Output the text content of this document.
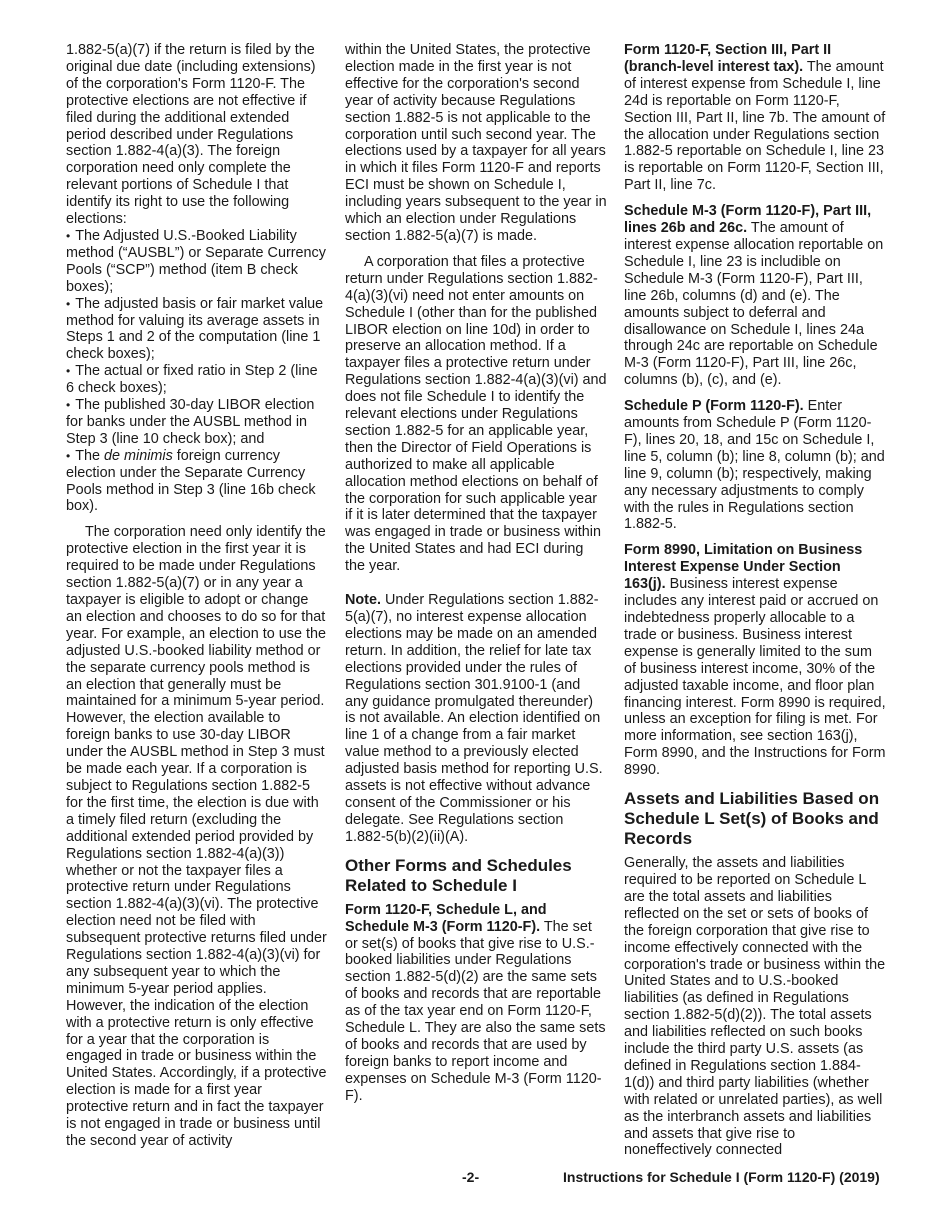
1.882-5(a)(7) if the return is filed by the original due date (including extensions) of the corporation's Form 1120-F. The protective elections are not effective if filed during the additional extended period described under Regulations section 1.882-4(a)(3). The foreign corporation need only complete the relevant portions of Schedule I that identify its right to use the following elections:

• The Adjusted U.S.-Booked Liability method (“AUSBL”) or Separate Currency Pools (“SCP”) method (item B check boxes);

• The adjusted basis or fair market value method for valuing its average assets in Steps 1 and 2 of the computation (line 1 check boxes);

• The actual or fixed ratio in Step 2 (line 6 check boxes);

• The published 30-day LIBOR election for banks under the AUSBL method in Step 3 (line 10 check box); and

• The de minimis foreign currency election under the Separate Currency Pools method in Step 3 (line 16b check box).

The corporation need only identify the protective election in the first year it is required to be made under Regulations section 1.882-5(a)(7) or in any year a taxpayer is eligible to adopt or change an election and chooses to do so for that year. For example, an election to use the adjusted U.S.-booked liability method or the separate currency pools method is an election that generally must be maintained for a minimum 5-year period. However, the election available to foreign banks to use 30-day LIBOR under the AUSBL method in Step 3 must be made each year. If a corporation is subject to Regulations section 1.882-5 for the first time, the election is due with a timely filed return (excluding the additional extended period provided by Regulations section 1.882-4(a)(3)) whether or not the taxpayer files a protective return under Regulations section 1.882-4(a)(3)(vi). The protective election need not be filed with subsequent protective returns filed under Regulations section 1.882-4(a)(3)(vi) for any subsequent year to which the minimum 5-year period applies. However, the indication of the election with a protective return is only effective for a year that the corporation is engaged in trade or business within the United States. Accordingly, if a protective election is made for a first year protective return and in fact the taxpayer is not engaged in trade or business until the second year of activity

within the United States, the protective election made in the first year is not effective for the corporation's second year of activity because Regulations section 1.882-5 is not applicable to the corporation until such second year. The elections used by a taxpayer for all years in which it files Form 1120-F and reports ECI must be shown on Schedule I, including years subsequent to the year in which an election under Regulations section 1.882-5(a)(7) is made.

A corporation that files a protective return under Regulations section 1.882-4(a)(3)(vi) need not enter amounts on Schedule I (other than for the published LIBOR election on line 10d) in order to preserve an allocation method. If a taxpayer files a protective return under Regulations section 1.882-4(a)(3)(vi) and does not file Schedule I to identify the relevant elections under Regulations section 1.882-5 for an applicable year, then the Director of Field Operations is authorized to make all applicable allocation method elections on behalf of the corporation for such applicable year if it is later determined that the taxpayer was engaged in trade or business within the United States and had ECI during the year.

Note. Under Regulations section 1.882-5(a)(7), no interest expense allocation elections may be made on an amended return. In addition, the relief for late tax elections provided under the rules of Regulations section 301.9100-1 (and any guidance promulgated thereunder) is not available. An election identified on line 1 of a change from a fair market value method to a previously elected adjusted basis method for reporting U.S. assets is not effective without advance consent of the Commissioner or his delegate. See Regulations section 1.882-5(b)(2)(ii)(A).

Other Forms and Schedules Related to Schedule I

Form 1120-F, Schedule L, and Schedule M-3 (Form 1120-F). The set or set(s) of books that give rise to U.S.-booked liabilities under Regulations section 1.882-5(d)(2) are the same sets of books and records that are reportable as of the tax year end on Form 1120-F, Schedule L. They are also the same sets of books and records that are used by foreign banks to report income and expenses on Schedule M-3 (Form 1120-F).

Form 1120-F, Section III, Part II (branch-level interest tax). The amount of interest expense from Schedule I, line 24d is reportable on Form 1120-F, Section III, Part II, line 7b. The amount of the allocation under Regulations section 1.882-5 reportable on Schedule I, line 23 is reportable on Form 1120-F, Section III, Part II, line 7c.

Schedule M-3 (Form 1120-F), Part III, lines 26b and 26c. The amount of interest expense allocation reportable on Schedule I, line 23 is includible on Schedule M-3 (Form 1120-F), Part III, line 26b, columns (d) and (e). The amounts subject to deferral and disallowance on Schedule I, lines 24a through 24c are reportable on Schedule M-3 (Form 1120-F), Part III, line 26c, columns (b), (c), and (e).

Schedule P (Form 1120-F). Enter amounts from Schedule P (Form 1120-F), lines 20, 18, and 15c on Schedule I, line 5, column (b); line 8, column (b); and line 9, column (b); respectively, making any necessary adjustments to comply with the rules in Regulations section 1.882-5.

Form 8990, Limitation on Business Interest Expense Under Section 163(j). Business interest expense includes any interest paid or accrued on indebtedness properly allocable to a trade or business. Business interest expense is generally limited to the sum of business interest income, 30% of the adjusted taxable income, and floor plan financing interest. Form 8990 is required, unless an exception for filing is met. For more information, see section 163(j), Form 8990, and the Instructions for Form 8990.

Assets and Liabilities Based on Schedule L Set(s) of Books and Records

Generally, the assets and liabilities required to be reported on Schedule L are the total assets and liabilities reflected on the set or sets of books of the foreign corporation that give rise to income effectively connected with the corporation's trade or business within the United States and to U.S.-booked liabilities (as defined in Regulations section 1.882-5(d)(2)). The total assets and liabilities reflected on such books include the third party U.S. assets (as defined in Regulations section 1.884-1(d)) and third party liabilities (whether with related or unrelated parties), as well as the interbranch assets and liabilities and assets that give rise to noneffectively connected

-2-	Instructions for Schedule I (Form 1120-F) (2019)
